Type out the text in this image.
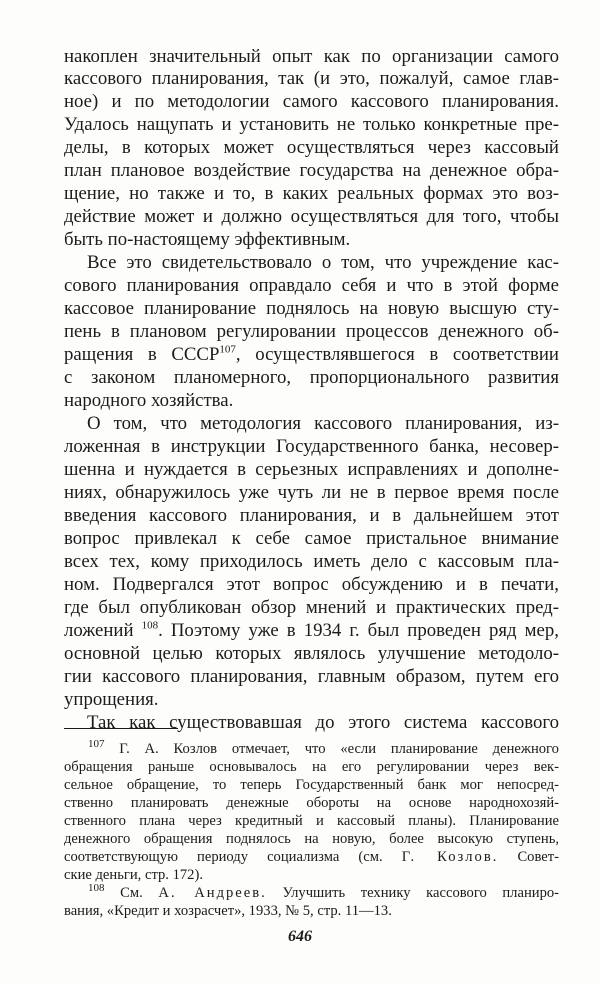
накоплен значительный опыт как по организации самого

кассового планирования, так (и это, пожалуй, самое глав-

ное) и по методологии самого кассового планирования.

Удалось нащупать и установить не только конкретные пре-

делы, в которых может осуществляться через кассовый

план плановое воздействие государства на денежное обра-

щение, но также и то, в каких реальных формах это воз-

действие может и должно осуществляться для того, чтобы

быть по-настоящему эффективным.

Все это свидетельствовало о том, что учреждение кас-

сового планирования оправдало себя и что в этой форме

кассовое планирование поднялось на новую высшую сту-

пень в плановом регулировании процессов денежного об-

ращения в СССР$^{107}$, осуществлявшегося в соответствии

с законом планомерного, пропорционального развития

народного хозяйства.

О том, что методология кассового планирования, из-

ложенная в инструкции Государственного банка, несовер-

шенна и нуждается в серьезных исправлениях и дополне-

ниях, обнаружилось уже чуть ли не в первое время после

введения кассового планирования, и в дальнейшем этот

вопрос привлекал к себе самое пристальное внимание

всех тех, кому приходилось иметь дело с кассовым пла-

ном. Подвергался этот вопрос обсуждению и в печати,

где был опубликован обзор мнений и практических пред-

ложений $^{108}$. Поэтому уже в 1934 г. был проведен ряд мер,

основной целью которых являлось улучшение методоло-

гии кассового планирования, главным образом, путем его

упрощения.

Так как существовавшая до этого система кассового

$^{107}$ Г. А. Козлов отмечает, что «если планирование денежного

обращения раньше основывалось на его регулировании через век-

сельное обращение, то теперь Государственный банк мог непосред-

ственно планировать денежные обороты на основе народнохозяй-

ственного плана через кредитный и кассовый планы). Планирование

денежного обращения поднялось на новую, более высокую ступень,

соответствующую периоду социализма (см. Г. Козлов. Совет-

ские деньги, стр. 172).

$^{108}$ См. А. Андреев. Улучшить технику кассового планиро-

вания, «Кредит и хозрасчет», 1933, № 5, стр. 11—13.

646
